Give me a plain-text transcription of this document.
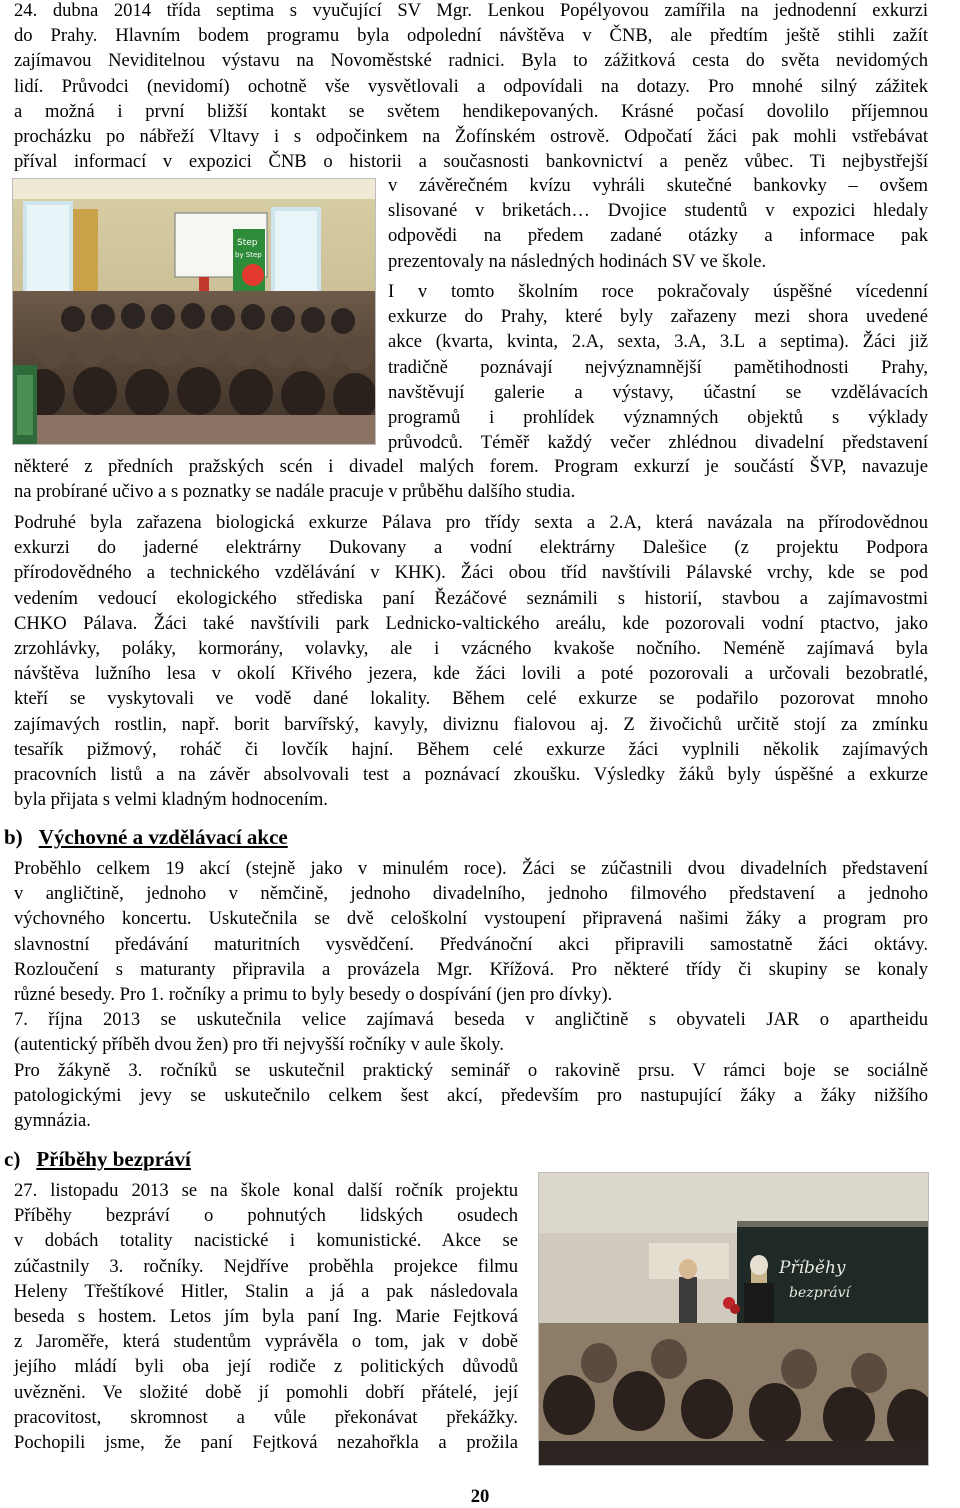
24. dubna 2014 třída septima s vyučující SV Mgr. Lenkou Popélyovou zamířila na jednodenní exkurzi
do Prahy. Hlavním bodem programu byla odpolední návštěva v ČNB, ale předtím ještě stihli zažít
zajímavou Neviditelnou výstavu na Novoměstské radnici. Byla to zážitková cesta do světa nevidomých
lidí. Průvodci (nevidomí) ochotně vše vysvětlovali a odpovídali na dotazy. Pro mnohé silný zážitek
a možná i první bližší kontakt se světem hendikepovaných. Krásné počasí dovolilo příjemnou
procházku po nábřeží Vltavy i s odpočinkem na Žofínském ostrově. Odpočatí žáci pak mohli vstřebávat
příval informací v expozici ČNB o historii a současnosti bankovnictví a peněz vůbec. Ti nejbystřejší
Step
by Step
v závěrečném kvízu vyhráli skutečné bankovky – ovšem
slisované v briketách… Dvojice studentů v expozici hledaly
odpovědi na předem zadané otázky a informace pak
prezentovaly na následných hodinách SV ve škole.
I v tomto školním roce pokračovaly úspěšné vícedenní
exkurze do Prahy, které byly zařazeny mezi shora uvedené
akce (kvarta, kvinta, 2.A, sexta, 3.A, 3.L a septima). Žáci již
tradičně poznávají nejvýznamnější pamětihodnosti Prahy,
navštěvují galerie a výstavy, účastní se vzdělávacích
programů i prohlídek významných objektů s výklady
průvodců. Téměř každý večer zhlédnou divadelní představení
některé z předních pražských scén i divadel malých forem. Program exkurzí je součástí ŠVP, navazuje
na probírané učivo a s poznatky se nadále pracuje v průběhu dalšího studia.
Podruhé byla zařazena biologická exkurze Pálava pro třídy sexta a 2.A, která navázala na přírodovědnou
exkurzi do jaderné elektrárny Dukovany a vodní elektrárny Dalešice (z projektu Podpora
přírodovědného a technického vzdělávání v KHK). Žáci obou tříd navštívili Pálavské vrchy, kde se pod
vedením vedoucí ekologického střediska paní Řezáčové seznámili s historií, stavbou a zajímavostmi
CHKO Pálava. Žáci také navštívili park Lednicko-valtického areálu, kde pozorovali vodní ptactvo, jako
zrzohlávky, poláky, kormorány, volavky, ale i vzácného kvakoše nočního. Neméně zajímavá byla
návštěva lužního lesa v okolí Křivého jezera, kde žáci lovili a poté pozorovali a určovali bezobratlé,
kteří se vyskytovali ve vodě dané lokality. Během celé exkurze se podařilo pozorovat mnoho
zajímavých rostlin, např. borit barvířský, kavyly, diviznu fialovou aj. Z živočichů určitě stojí za zmínku
tesařík pižmový, roháč či lovčík hajní. Během celé exkurze žáci vyplnili několik zajímavých
pracovních listů a na závěr absolvovali test a poznávací zkoušku. Výsledky žáků byly úspěšné a exkurze
byla přijata s velmi kladným hodnocením.
b) Výchovné a vzdělávací akce
Proběhlo celkem 19 akcí (stejně jako v minulém roce). Žáci se zúčastnili dvou divadelních představení
v angličtině, jednoho v němčině, jednoho divadelního, jednoho filmového představení a jednoho
výchovného koncertu. Uskutečnila se dvě celoškolní vystoupení připravená našimi žáky a program pro
slavnostní předávání maturitních vysvědčení. Předvánoční akci připravili samostatně žáci oktávy.
Rozloučení s maturanty připravila a provázela Mgr. Křížová. Pro některé třídy či skupiny se konaly
různé besedy. Pro 1. ročníky a primu to byly besedy o dospívání (jen pro dívky).
7. října 2013 se uskutečnila velice zajímavá beseda v angličtině s obyvateli JAR o apartheidu
(autentický příběh dvou žen) pro tři nejvyšší ročníky v aule školy.
Pro žákyně 3. ročníků se uskutečnil praktický seminář o rakovině prsu. V rámci boje se sociálně
patologickými jevy se uskutečnilo celkem šest akcí, především pro nastupující žáky a žáky nižšího
gymnázia.
c) Příběhy bezpráví
27. listopadu 2013 se na škole konal další ročník projektu
Příběhy bezpráví o pohnutých lidských osudech
v dobách totality nacistické i komunistické. Akce se
zúčastnily 3. ročníky. Nejdříve proběhla projekce filmu
Heleny Třeštíkové Hitler, Stalin a já a pak následovala
beseda s hostem. Letos jím byla paní Ing. Marie Fejtková
z Jaroměře, která studentům vyprávěla o tom, jak v době
jejího mládí byli oba její rodiče z politických důvodů
uvězněni. Ve složité době jí pomohli dobří přátelé, její
pracovitost, skromnost a vůle překonávat překážky.
Pochopili jsme, že paní Fejtková nezahořkla a prožila
Příběhy
bezpráví
20
